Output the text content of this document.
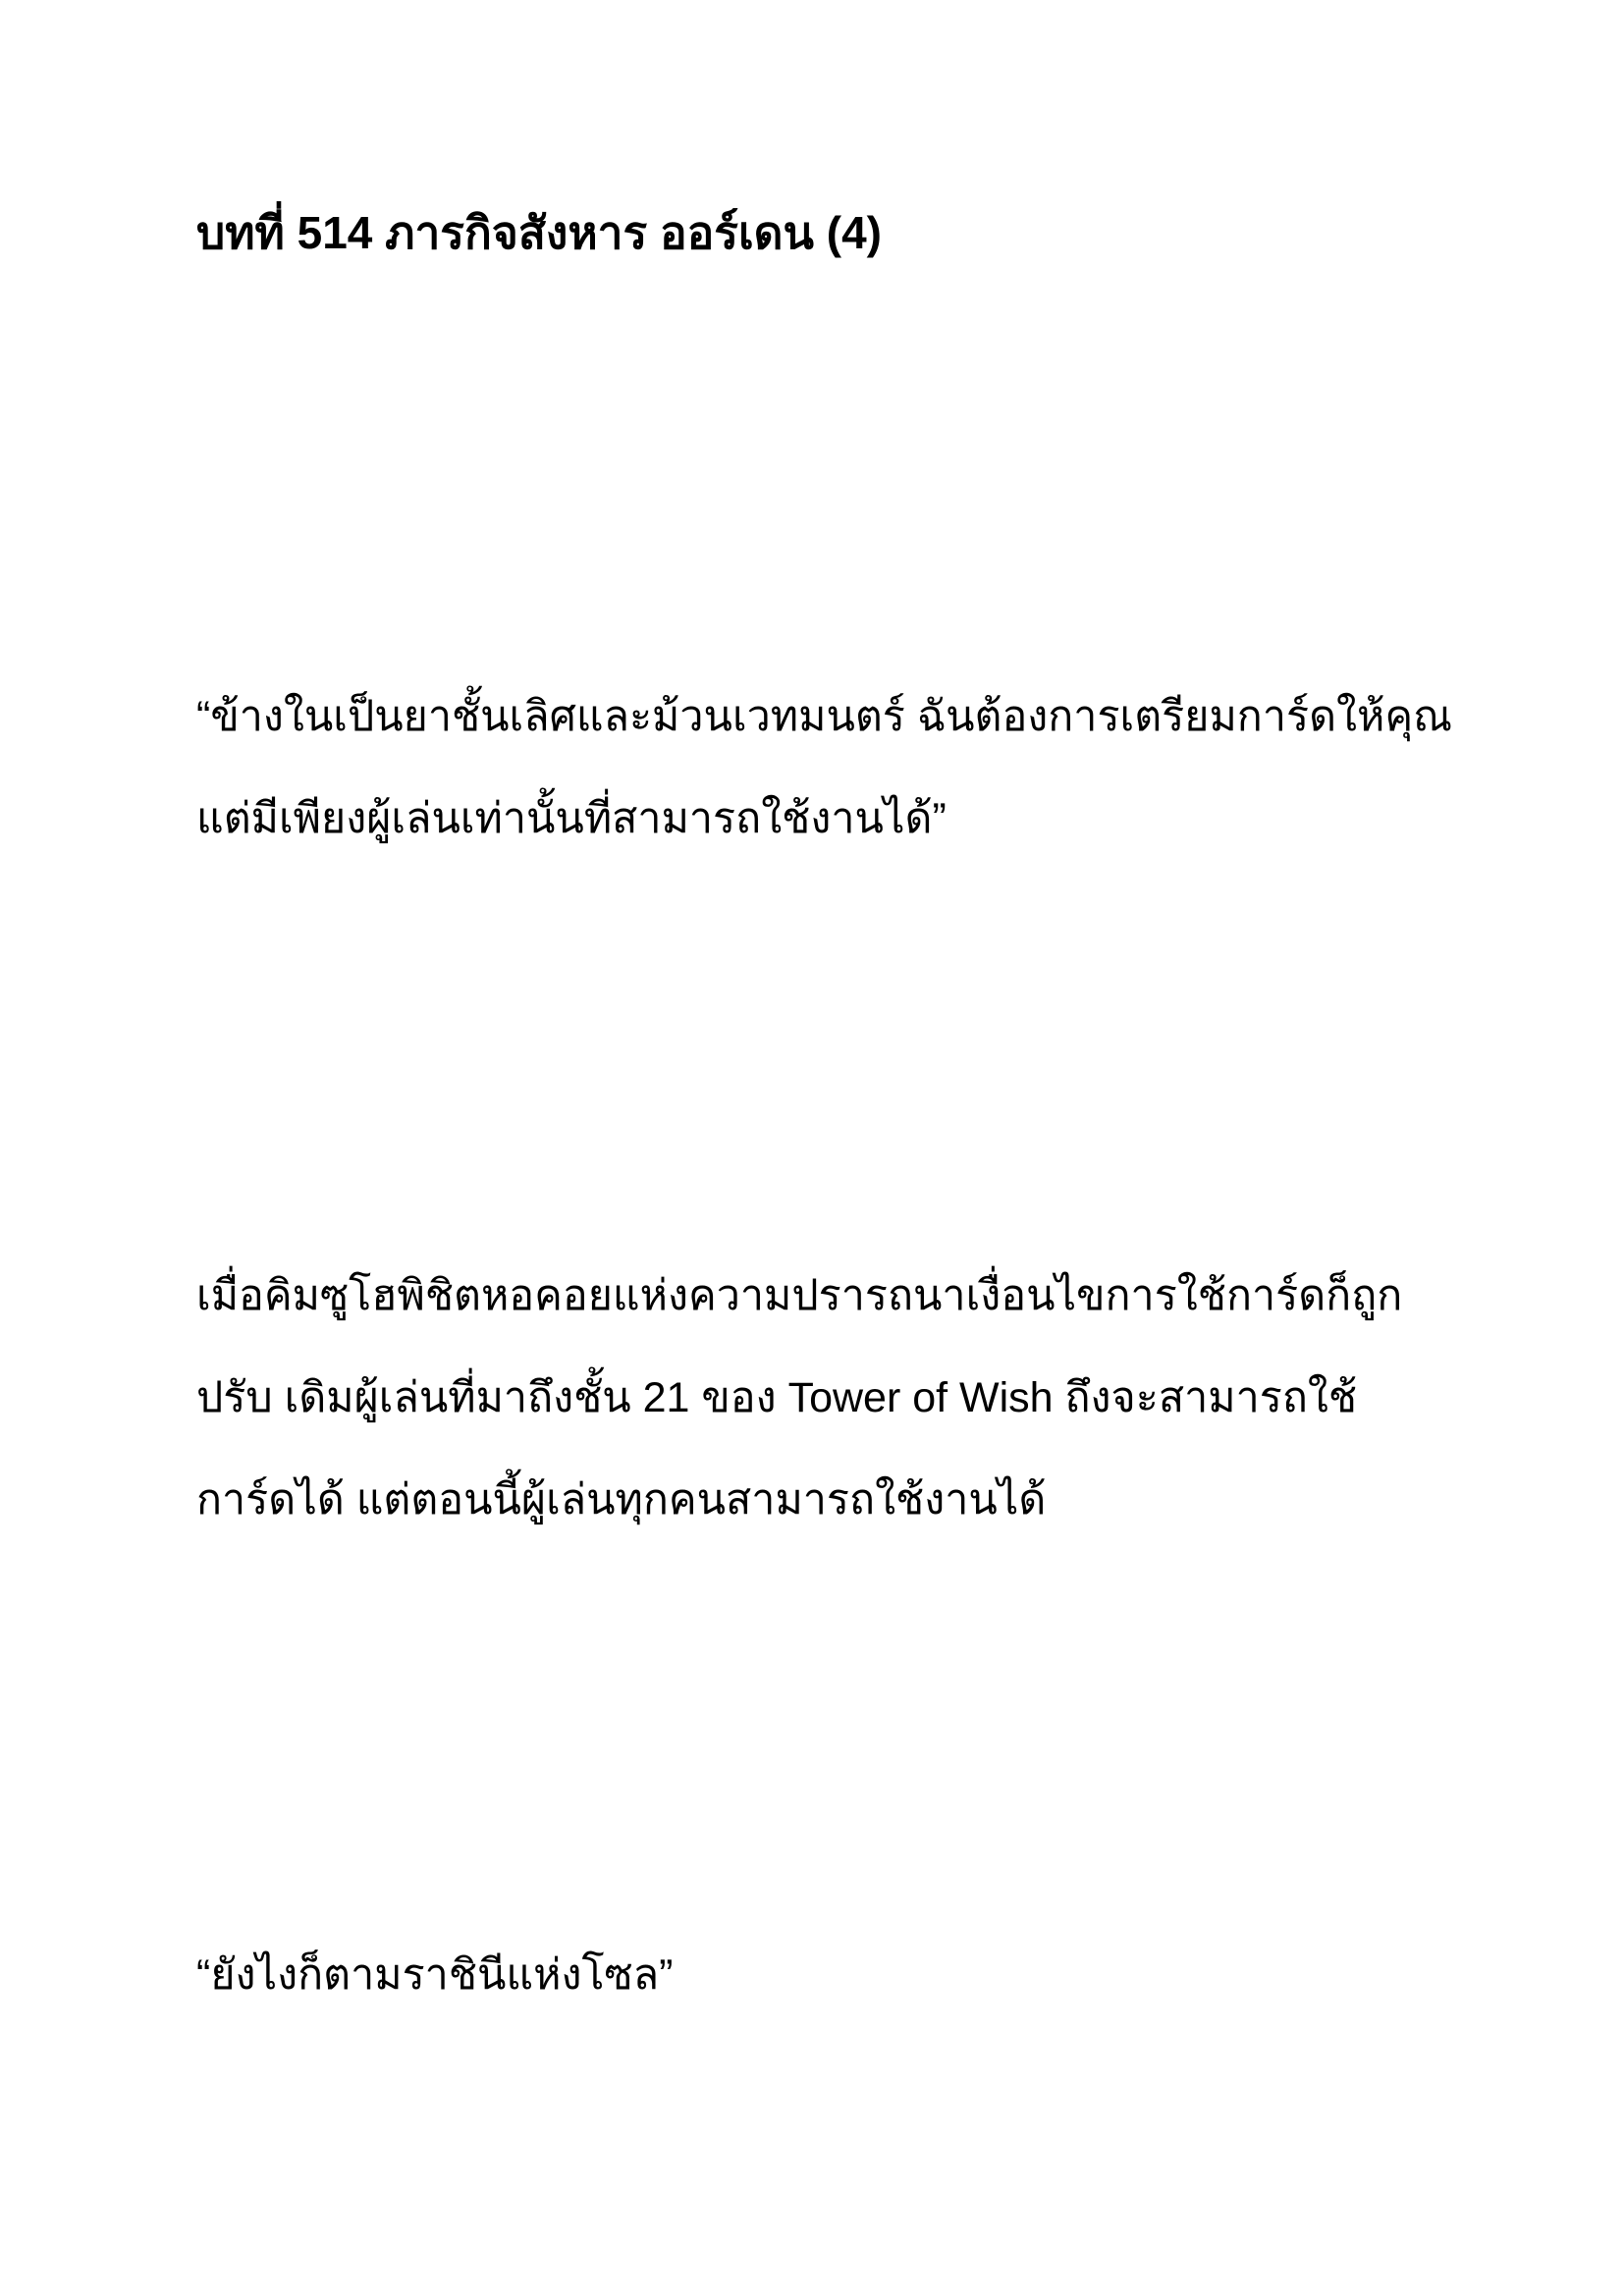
บทที่ 514 ภารกิจสังหาร ออร์เดน (4)

“ข้างในเป็นยาชั้นเลิศและม้วนเวทมนตร์ ฉันต้องการเตรียมการ์ดให้คุณ
แต่มีเพียงผู้เล่นเท่านั้นที่สามารถใช้งานได้”

เมื่อคิมซูโฮพิชิตหอคอยแห่งความปรารถนาเงื่อนไขการใช้การ์ดก็ถูก
ปรับ เดิมผู้เล่นที่มาถึงชั้น 21 ของ Tower of Wish ถึงจะสามารถใช้
การ์ดได้ แต่ตอนนี้ผู้เล่นทุกคนสามารถใช้งานได้

“ยังไงก็ตามราชินีแห่งโซล”
